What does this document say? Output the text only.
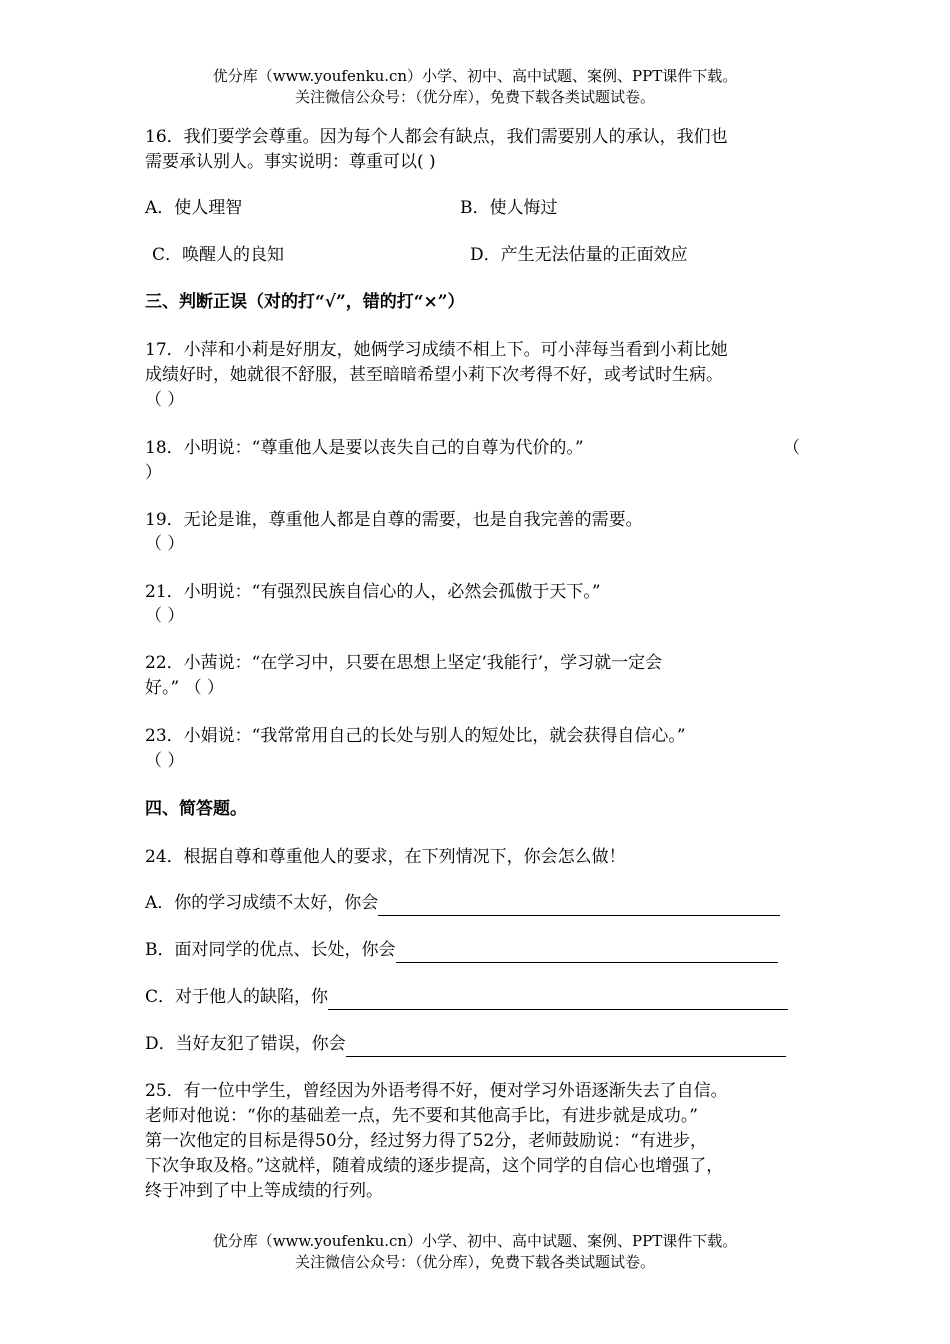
优分库（www.youfenku.cn）小学、初中、高中试题、案例、PPT课件下载。
关注微信公众号：（优分库），免费下载各类试题试卷。
16．我们要学会尊重。因为每个人都会有缺点，我们需要别人的承认，我们也
需要承认别人。事实说明：尊重可以( )
A．使人理智	B．使人悔过
C．唤醒人的良知	D．产生无法估量的正面效应
三、判断正误（对的打“√”，错的打“×”）
17．小萍和小莉是好朋友，她俩学习成绩不相上下。可小萍每当看到小莉比她
成绩好时，她就很不舒服，甚至暗暗希望小莉下次考得不好，或考试时生病。
（ ）
18．小明说：“尊重他人是要以丧失自己的自尊为代价的。”	（
）
19．无论是谁，尊重他人都是自尊的需要，也是自我完善的需要。
（ ）
21．小明说：“有强烈民族自信心的人，必然会孤傲于天下。”
（ ）
22．小茜说：“在学习中，只要在思想上坚定‘我能行’，学习就一定会
好。” （ ）
23．小娟说：“我常常用自己的长处与别人的短处比，就会获得自信心。”
（ ）
四、简答题。
24．根据自尊和尊重他人的要求，在下列情况下，你会怎么做！
A．你的学习成绩不太好，你会
B．面对同学的优点、长处，你会
C．对于他人的缺陷，你
D．当好友犯了错误，你会
25．有一位中学生，曾经因为外语考得不好，便对学习外语逐渐失去了自信。
老师对他说：“你的基础差一点，先不要和其他高手比，有进步就是成功。”
第一次他定的目标是得50分，经过努力得了52分，老师鼓励说：“有进步，
下次争取及格。”这就样，随着成绩的逐步提高，这个同学的自信心也增强了，
终于冲到了中上等成绩的行列。
优分库（www.youfenku.cn）小学、初中、高中试题、案例、PPT课件下载。
关注微信公众号：（优分库），免费下载各类试题试卷。
